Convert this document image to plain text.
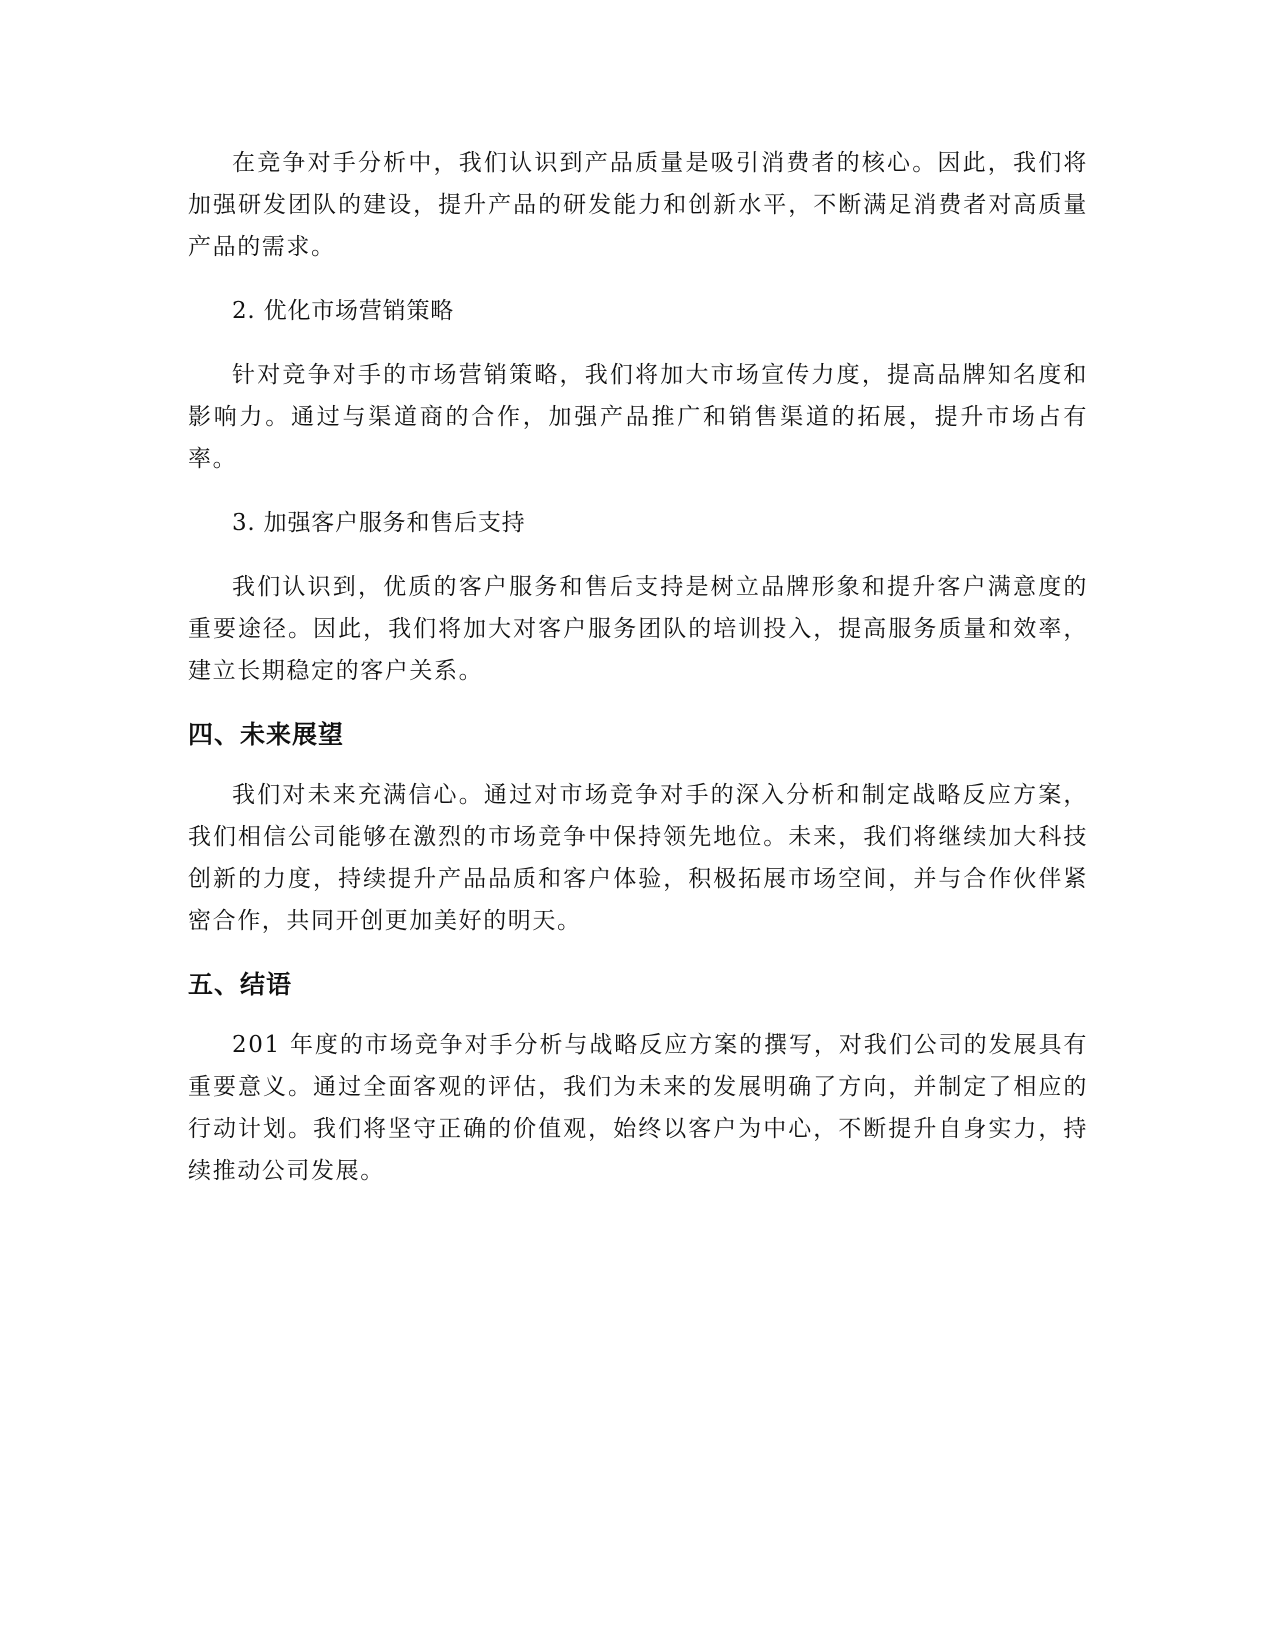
在竞争对手分析中，我们认识到产品质量是吸引消费者的核心。因此，我们将加强研发团队的建设，提升产品的研发能力和创新水平，不断满足消费者对高质量产品的需求。

2. 优化市场营销策略

针对竞争对手的市场营销策略，我们将加大市场宣传力度，提高品牌知名度和影响力。通过与渠道商的合作，加强产品推广和销售渠道的拓展，提升市场占有率。

3. 加强客户服务和售后支持

我们认识到，优质的客户服务和售后支持是树立品牌形象和提升客户满意度的重要途径。因此，我们将加大对客户服务团队的培训投入，提高服务质量和效率，建立长期稳定的客户关系。

四、未来展望

我们对未来充满信心。通过对市场竞争对手的深入分析和制定战略反应方案，我们相信公司能够在激烈的市场竞争中保持领先地位。未来，我们将继续加大科技创新的力度，持续提升产品品质和客户体验，积极拓展市场空间，并与合作伙伴紧密合作，共同开创更加美好的明天。

五、结语

201 年度的市场竞争对手分析与战略反应方案的撰写，对我们公司的发展具有重要意义。通过全面客观的评估，我们为未来的发展明确了方向，并制定了相应的行动计划。我们将坚守正确的价值观，始终以客户为中心，不断提升自身实力，持续推动公司发展。
